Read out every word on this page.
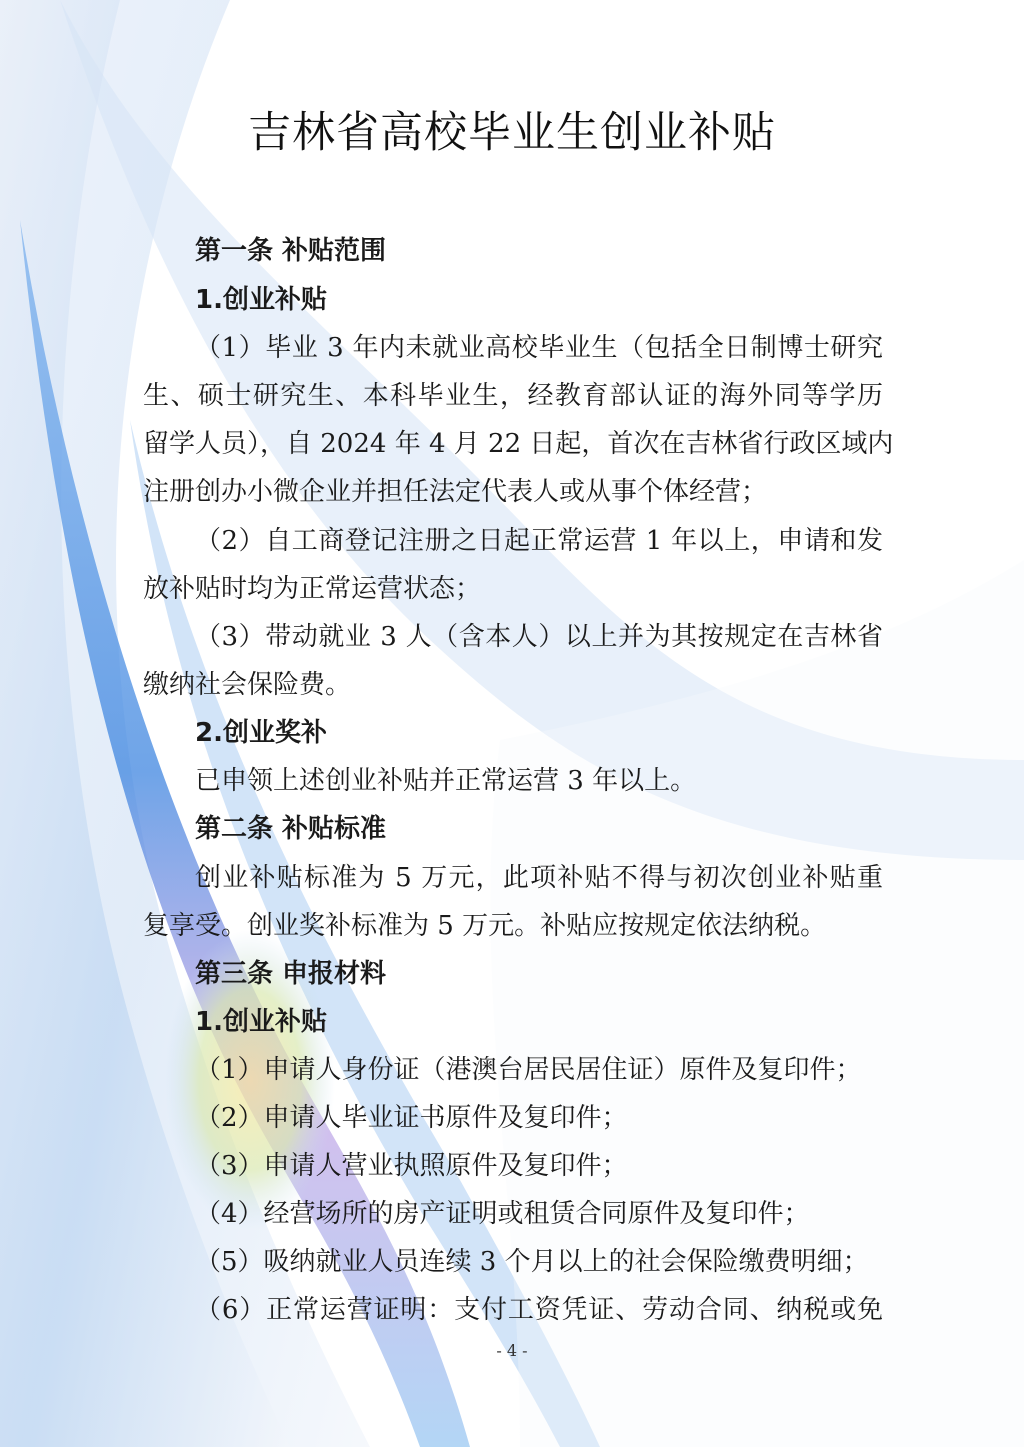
吉林省高校毕业生创业补贴
第一条 补贴范围
1.创业补贴
（1）毕业 3 年内未就业高校毕业生（包括全日制博士研究
生、硕士研究生、本科毕业生，经教育部认证的海外同等学历
留学人员），自 2024 年 4 月 22 日起，首次在吉林省行政区域内
注册创办小微企业并担任法定代表人或从事个体经营；
（2）自工商登记注册之日起正常运营 1 年以上，申请和发
放补贴时均为正常运营状态；
（3）带动就业 3 人（含本人）以上并为其按规定在吉林省
缴纳社会保险费。
2.创业奖补
已申领上述创业补贴并正常运营 3 年以上。
第二条 补贴标准
创业补贴标准为 5 万元，此项补贴不得与初次创业补贴重
复享受。创业奖补标准为 5 万元。补贴应按规定依法纳税。
第三条 申报材料
1.创业补贴
（1）申请人身份证（港澳台居民居住证）原件及复印件；
（2）申请人毕业证书原件及复印件；
（3）申请人营业执照原件及复印件；
（4）经营场所的房产证明或租赁合同原件及复印件；
（5）吸纳就业人员连续 3 个月以上的社会保险缴费明细；
（6）正常运营证明：支付工资凭证、劳动合同、纳税或免
- 4 -
